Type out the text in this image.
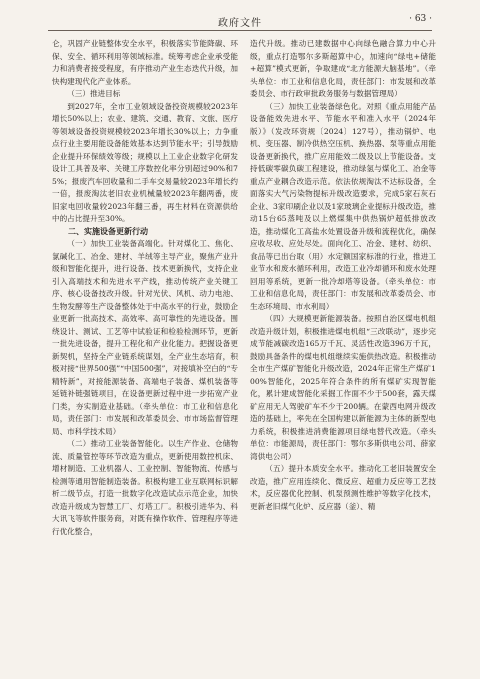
政府文件	· 63 ·

仑，巩固产业链整体安全水平，积极落实节能降碳、环保、安全、循环利用等领域标准。统筹考虑企业承受能力和消费者接受程度，有序推动产业生态迭代升级，加快构建现代化产业体系。

（三）推进目标

到2027年，全市工业领域设备投资规模较2023年增长50%以上；农业、建筑、交通、教育、文旅、医疗等领域设备投资规模较2023年增长30%以上；力争重点行业主要用能设备能效基本达到节能水平；引导鼓励企业提升环保绩效等级；规模以上工业企业数字化研发设计工具普及率、关键工序数控化率分别超过90%和75%；报废汽车回收量和二手车交易量较2023年增长约一倍，报废淘汰老旧农业机械量较2023年翻两番，废旧家电回收量较2023年翻三番，再生材料在资源供给中的占比提升至30%。

二、实施设备更新行动

（一）加快工业装备高端化。针对煤化工、焦化、氯碱化工、冶金、建材、羊绒等主导产业，聚焦产业升级和智能化提升，进行设备、技术更新换代，支持企业引入高端技术和先进水平产线，推动传统产业关键工序、核心设备技改升级。针对光伏、风机、动力电池、生物发酵等生产设备整体处于中高水平的行业，鼓励企业更新一批高技术、高效率、高可靠性的先进设备。围绕设计、测试、工艺等中试验证和检验检测环节，更新一批先进设备，提升工程化和产业化能力。把握设备更新契机，坚持全产业链系统谋划，全产业生态培育，积极对接“世界500强”“中国500强”，对接填补空白的“专精特新”，对接能源装备、高端电子装备、煤机装备等延链补链强链项目，在设备更新过程中进一步拓宽产业门类，夯实制造业基础。（牵头单位：市工业和信息化局，责任部门：市发展和改革委员会、市市场监督管理局、市科学技术局）

（二）推动工业装备智能化。以生产作业、仓储物流、质量管控等环节改造为重点，更新使用数控机床、增材制造、工业机器人、工业控制、智能物流、传感与检测等通用智能制造装备。积极构建工业互联网标识解析二级节点，打造一批数字化改造试点示范企业，加快改造升级成为智慧工厂、灯塔工厂。积极引进华为、科大讯飞等软件服务商，对既有操作软件、管理程序等进行优化整合，

造代升级。推动已建数据中心向绿色融合算力中心升级，重点打造鄂尔多斯超算中心，加速向“绿电+储能+超算”模式更新，争取建成“北方能源大脑基地”。（牵头单位：市工业和信息化局，责任部门：市发展和改革委员会、市行政审批政务服务与数据管理局）

（三）加快工业装备绿色化。对照《重点用能产品设备能效先进水平、节能水平和准入水平（2024年版）》（发改环资规〔2024〕127号），推动锅炉、电机、变压器、制冷供热空压机、换热器、泵等重点用能设备更新换代，推广应用能效二级及以上节能设备。支持低碳零碳负碳工程建设，推动绿氢与煤化工、冶金等重点产业耦合改造示范。依法依规淘汰不达标设备，全面落实大气污染物提标升级改造要求，完成5家石灰石企业、3家印刷企业以及1家玻璃企业提标升级改造，推动15台65蒸吨及以上燃煤集中供热锅炉超低排放改造，推动煤化工高盐水处置设备升级和流程优化，确保应收尽收、应处尽处。面向化工、冶金、建材、纺织、食品等已出台取（用）水定额国家标准的行业，推进工业节水和废水循环利用，改造工业冷却循环和废水处理回用等系统，更新一批冷却塔等设备。（牵头单位：市工业和信息化局，责任部门：市发展和改革委员会、市生态环境局、市水利局）

（四）大规模更新能源装备。按照自治区煤电机组改造升级计划，积极推进煤电机组“三改联动”，逐步完成节能减碳改造165万千瓦、灵活性改造396万千瓦，鼓励具备条件的煤电机组继续实施供热改造。积极推动全市生产煤矿智能化升级改造，2024年正常生产煤矿100%智能化，2025年符合条件的所有煤矿实现智能化，累计建成智能化采掘工作面不少于500套，露天煤矿应用无人驾驶矿车不少于200辆。在蒙西电网升级改造的基础上，率先在全国构建以新能源为主体的新型电力系统，积极推进消费能源项目绿电替代改造。（牵头单位：市能源局，责任部门：鄂尔多斯供电公司、薛家湾供电公司）

（五）提升本质安全水平。推动化工老旧装置安全改造，推广应用连续化、微反应、超重力反应等工艺技术，反应器优化控制、机泵预测性维护等数字化技术，更新老旧煤气化炉、反应器（釜）、精
